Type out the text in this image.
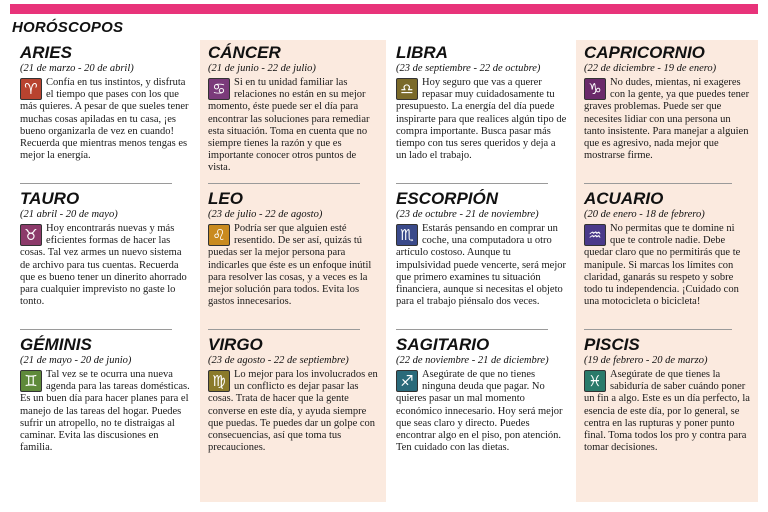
HORÓSCOPOS
ARIES
(21 de marzo - 20 de abril)
♈ Confía en tus instintos, y disfruta el tiempo que pases con los que más quieres. A pesar de que sueles tener muchas cosas apiladas en tu casa, ¡es bueno organizarla de vez en cuando! Recuerda que mientras menos tengas es mejor la energía.
TAURO
(21 abril - 20 de mayo)
♉ Hoy encontrarás nuevas y más eficientes formas de hacer las cosas. Tal vez armes un nuevo sistema de archivo para tus cuentas. Recuerda que es bueno tener un dinerito ahorrado para cualquier imprevisto no gaste lo tonto.
GÉMINIS
(21 de mayo - 20 de junio)
♊ Tal vez se te ocurra una nueva agenda para las tareas domésticas. Es un buen día para hacer planes para el manejo de las tareas del hogar. Puedes sufrir un atropello, no te distraigas al caminar. Evita las discusiones en familia.
CÁNCER
(21 de junio - 22 de julio)
♋ Si en tu unidad familiar las relaciones no están en su mejor momento, éste puede ser el día para encontrar las soluciones para remediar esta situación. Toma en cuenta que no siempre tienes la razón y que es importante conocer otros puntos de vista.
LEO
(23 de julio - 22 de agosto)
♌ Podría ser que alguien esté resentido. De ser así, quizás tú puedas ser la mejor persona para indicarles que éste es un enfoque inútil para resolver las cosas, y a veces es la mejor solución para todos. Evita los gastos innecesarios.
VIRGO
(23 de agosto - 22 de septiembre)
♍ Lo mejor para los involucrados en un conflicto es dejar pasar las cosas. Trata de hacer que la gente converse en este día, y ayuda siempre que puedas. Te puedes dar un golpe con consecuencias, así que toma tus precauciones.
LIBRA
(23 de septiembre - 22 de octubre)
♎ Hoy seguro que vas a querer repasar muy cuidadosamente tu presupuesto. La energía del día puede inspirarte para que realices algún tipo de compra importante. Busca pasar más tiempo con tus seres queridos y deja a un lado el trabajo.
ESCORPIÓN
(23 de octubre - 21 de noviembre)
♏ Estarás pensando en comprar un coche, una computadora u otro artículo costoso. Aunque tu impulsividad puede vencerte, será mejor que primero examines tu situación financiera, aunque si necesitas el objeto para el trabajo piénsalo dos veces.
SAGITARIO
(22 de noviembre - 21 de diciembre)
♐ Asegúrate de que no tienes ninguna deuda que pagar. No quieres pasar un mal momento económico innecesario. Hoy será mejor que seas claro y directo. Puedes encontrar algo en el piso, pon atención. Ten cuidado con las dietas.
CAPRICORNIO
(22 de diciembre - 19 de enero)
♑ No dudes, mientas, ni exageres con la gente, ya que puedes tener graves problemas. Puede ser que necesites lidiar con una persona un tanto insistente. Para manejar a alguien que es agresivo, nada mejor que mostrarse firme.
ACUARIO
(20 de enero - 18 de febrero)
♒ No permitas que te domine ni que te controle nadie. Debe quedar claro que no permitirás que te manipule. Si marcas los límites con claridad, ganarás su respeto y sobre todo tu independencia. ¡Cuidado con una motocicleta o bicicleta!
PISCIS
(19 de febrero - 20 de marzo)
♓ Asegúrate de que tienes la sabiduría de saber cuándo poner un fin a algo. Este es un día perfecto, la esencia de este día, por lo general, se centra en las rupturas y poner punto final. Toma todos los pro y contra para tomar decisiones.
